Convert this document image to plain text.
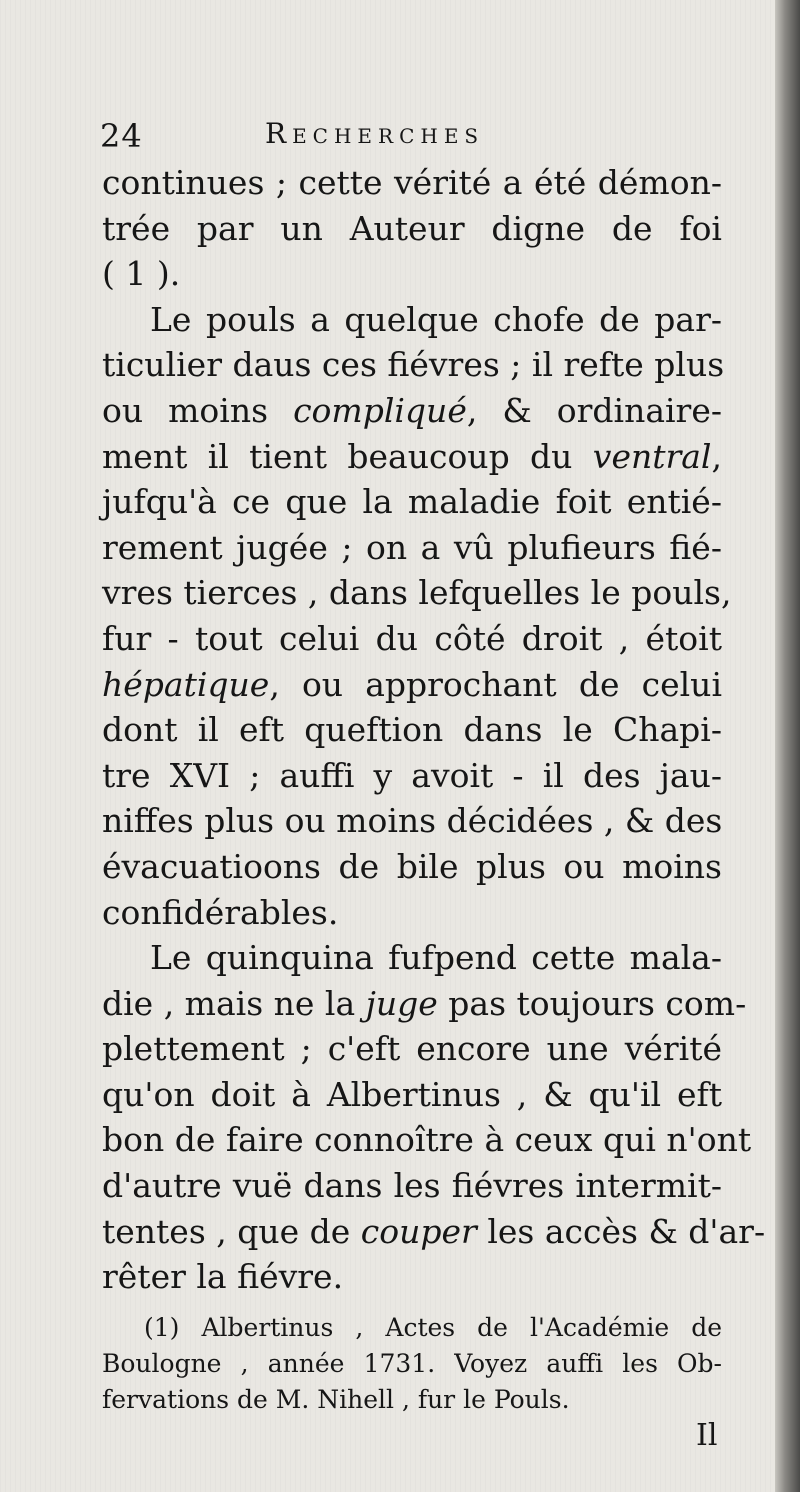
24	Recherches
continues ; cette vérité a été démon-
trée par un Auteur digne de foi
( 1 ).
Le pouls a quelque chofe de par-
ticulier daus ces fiévres ; il refte plus
ou moins compliqué, & ordinaire-
ment il tient beaucoup du ventral,
jufqu'à ce que la maladie foit entié-
rement jugée ; on a vû plufieurs fié-
vres tierces , dans lefquelles le pouls,
fur - tout celui du côté droit , étoit
hépatique, ou approchant de celui
dont il eft queftion dans le Chapi-
tre XVI ; auffi y avoit - il des jau-
niffes plus ou moins décidées , & des
évacuatioons de bile plus ou moins
confidérables.
Le quinquina fufpend cette mala-
die , mais ne la juge pas toujours com-
plettement ; c'eft encore une vérité
qu'on doit à Albertinus , & qu'il eft
bon de faire connoître à ceux qui n'ont
d'autre vuë dans les fiévres intermit-
tentes , que de couper les accès & d'ar-
rêter la fiévre.
(1) Albertinus , Actes de l'Académie de
Boulogne , année 1731. Voyez auffi les Ob-
fervations de M. Nihell , fur le Pouls.
Il
